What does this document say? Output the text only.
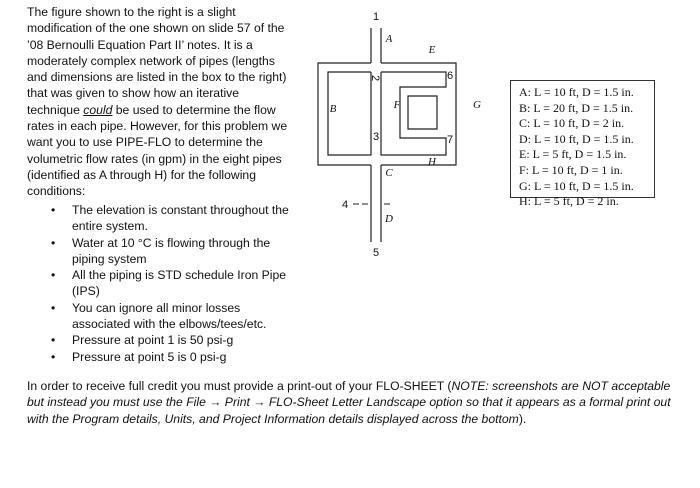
The figure shown to the right is a slight modification of the one shown on slide 57 of the ’08 Bernoulli Equation Part II’ notes. It is a moderately complex network of pipes (lengths and dimensions are listed in the box to the right) that was given to show how an iterative technique could be used to determine the flow rates in each pipe. However, for this problem we want you to use PIPE-FLO to determine the volumetric flow rates (in gpm) in the eight pipes (identified as A through H) for the following conditions:

• The elevation is constant throughout the entire system.
• Water at 10 °C is flowing through the piping system
• All the piping is STD schedule Iron Pipe (IPS)
• You can ignore all minor losses associated with the elbows/tees/etc.
• Pressure at point 1 is 50 psi-g
• Pressure at point 5 is 0 psi-g
1
2
3
4
5
6
7
A
B
C
D
E
F	G
H
A: L = 10 ft, D = 1.5 in.
B: L = 20 ft, D = 1.5 in.
C: L = 10 ft, D = 2 in.
D: L = 10 ft, D = 1.5 in.
E: L = 5 ft, D = 1.5 in.
F: L = 10 ft, D = 1 in.
G: L = 10 ft, D = 1.5 in.
H: L = 5 ft, D = 2 in.
In order to receive full credit you must provide a print-out of your FLO-SHEET (NOTE: screenshots are NOT acceptable but instead you must use the File → Print → FLO-Sheet Letter Landscape option so that it appears as a formal print out with the Program details, Units, and Project Information details displayed across the bottom).
